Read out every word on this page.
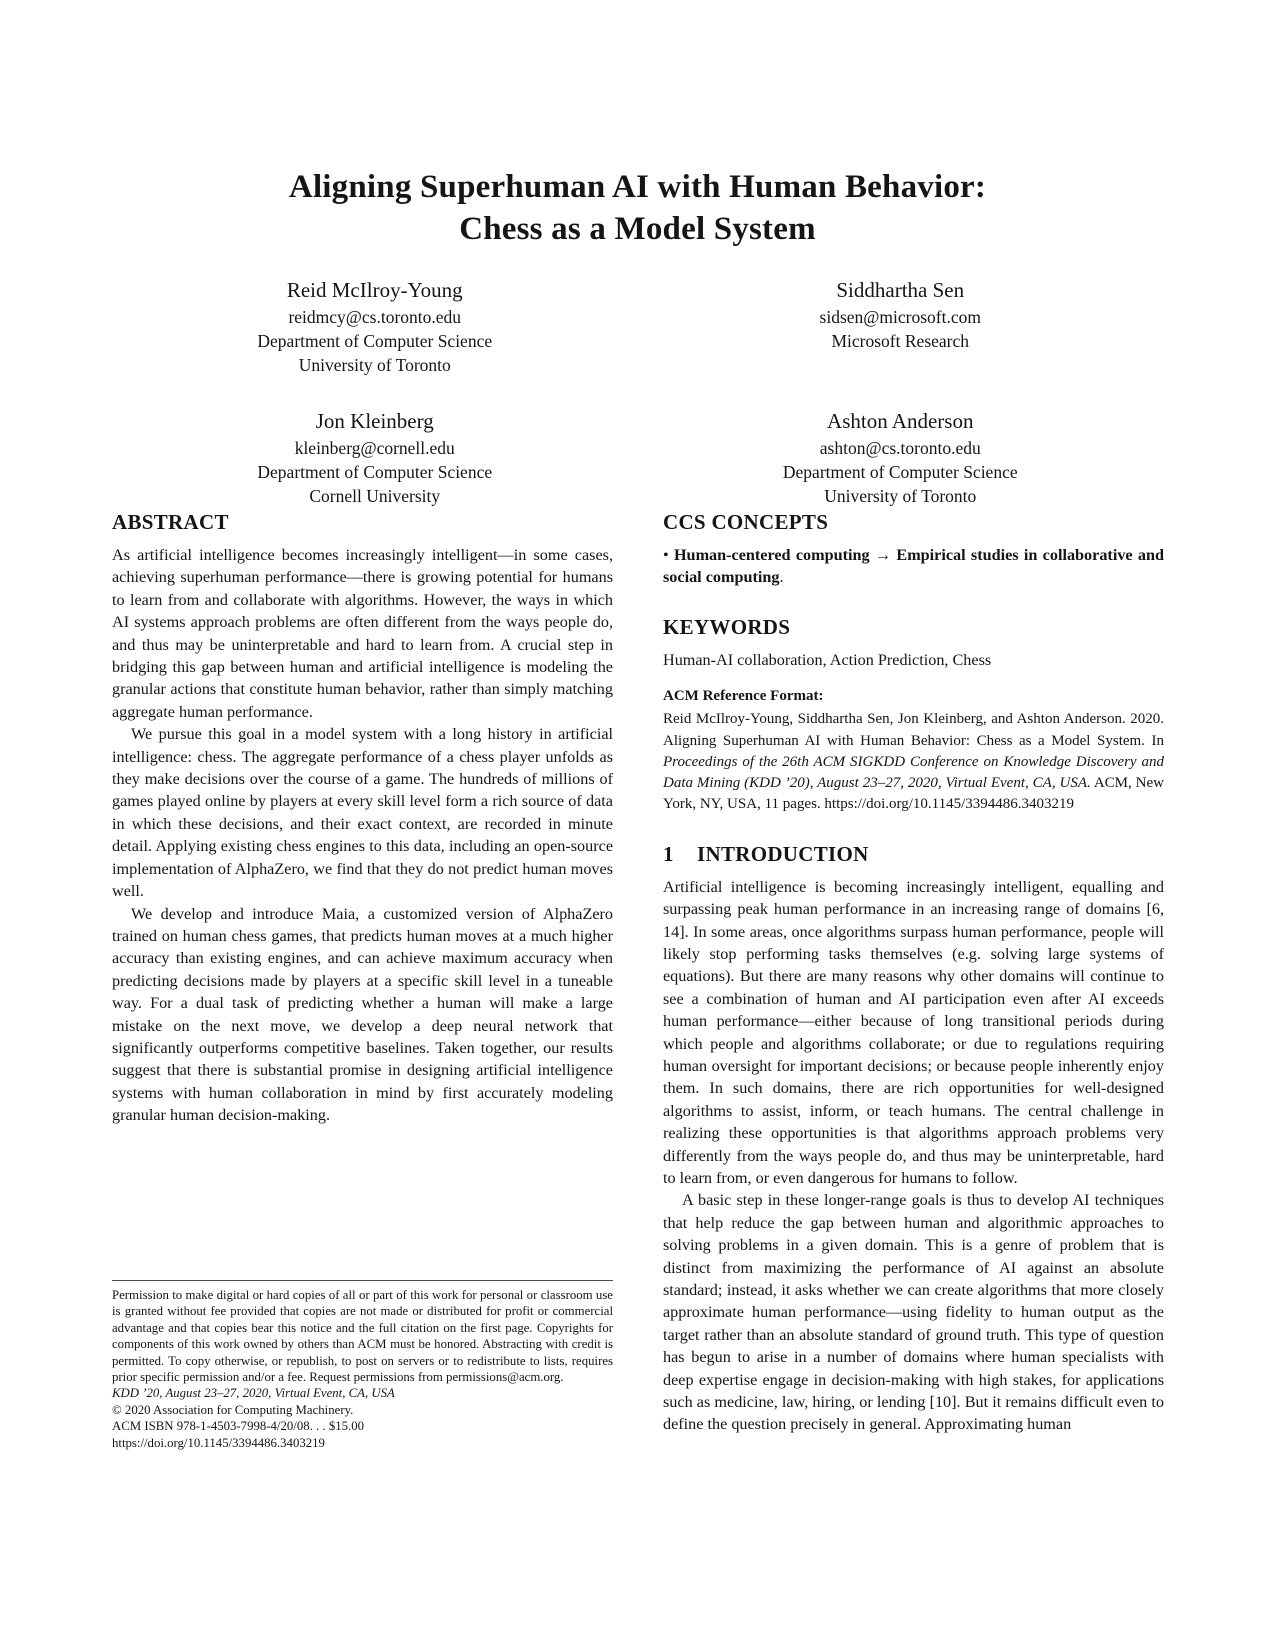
Aligning Superhuman AI with Human Behavior:
Chess as a Model System
Reid McIlroy-Young
reidmcy@cs.toronto.edu
Department of Computer Science
University of Toronto
Siddhartha Sen
sidsen@microsoft.com
Microsoft Research
Jon Kleinberg
kleinberg@cornell.edu
Department of Computer Science
Cornell University
Ashton Anderson
ashton@cs.toronto.edu
Department of Computer Science
University of Toronto
ABSTRACT

As artificial intelligence becomes increasingly intelligent—in some cases, achieving superhuman performance—there is growing potential for humans to learn from and collaborate with algorithms. However, the ways in which AI systems approach problems are often different from the ways people do, and thus may be uninterpretable and hard to learn from. A crucial step in bridging this gap between human and artificial intelligence is modeling the granular actions that constitute human behavior, rather than simply matching aggregate human performance.

We pursue this goal in a model system with a long history in artificial intelligence: chess. The aggregate performance of a chess player unfolds as they make decisions over the course of a game. The hundreds of millions of games played online by players at every skill level form a rich source of data in which these decisions, and their exact context, are recorded in minute detail. Applying existing chess engines to this data, including an open-source implementation of AlphaZero, we find that they do not predict human moves well.

We develop and introduce Maia, a customized version of AlphaZero trained on human chess games, that predicts human moves at a much higher accuracy than existing engines, and can achieve maximum accuracy when predicting decisions made by players at a specific skill level in a tuneable way. For a dual task of predicting whether a human will make a large mistake on the next move, we develop a deep neural network that significantly outperforms competitive baselines. Taken together, our results suggest that there is substantial promise in designing artificial intelligence systems with human collaboration in mind by first accurately modeling granular human decision-making.

CCS CONCEPTS

• Human-centered computing → Empirical studies in collaborative and social computing.

KEYWORDS

Human-AI collaboration, Action Prediction, Chess

ACM Reference Format:

Reid McIlroy-Young, Siddhartha Sen, Jon Kleinberg, and Ashton Anderson. 2020. Aligning Superhuman AI with Human Behavior: Chess as a Model System. In Proceedings of the 26th ACM SIGKDD Conference on Knowledge Discovery and Data Mining (KDD ’20), August 23–27, 2020, Virtual Event, CA, USA. ACM, New York, NY, USA, 11 pages. https://doi.org/10.1145/3394486.3403219

1 INTRODUCTION

Artificial intelligence is becoming increasingly intelligent, equalling and surpassing peak human performance in an increasing range of domains [6, 14]. In some areas, once algorithms surpass human performance, people will likely stop performing tasks themselves (e.g. solving large systems of equations). But there are many reasons why other domains will continue to see a combination of human and AI participation even after AI exceeds human performance—either because of long transitional periods during which people and algorithms collaborate; or due to regulations requiring human oversight for important decisions; or because people inherently enjoy them. In such domains, there are rich opportunities for well-designed algorithms to assist, inform, or teach humans. The central challenge in realizing these opportunities is that algorithms approach problems very differently from the ways people do, and thus may be uninterpretable, hard to learn from, or even dangerous for humans to follow.

A basic step in these longer-range goals is thus to develop AI techniques that help reduce the gap between human and algorithmic approaches to solving problems in a given domain. This is a genre of problem that is distinct from maximizing the performance of AI against an absolute standard; instead, it asks whether we can create algorithms that more closely approximate human performance—using fidelity to human output as the target rather than an absolute standard of ground truth. This type of question has begun to arise in a number of domains where human specialists with deep expertise engage in decision-making with high stakes, for applications such as medicine, law, hiring, or lending [10]. But it remains difficult even to define the question precisely in general. Approximating human

Permission to make digital or hard copies of all or part of this work for personal or classroom use is granted without fee provided that copies are not made or distributed for profit or commercial advantage and that copies bear this notice and the full citation on the first page. Copyrights for components of this work owned by others than ACM must be honored. Abstracting with credit is permitted. To copy otherwise, or republish, to post on servers or to redistribute to lists, requires prior specific permission and/or a fee. Request permissions from permissions@acm.org.

KDD ’20, August 23–27, 2020, Virtual Event, CA, USA

© 2020 Association for Computing Machinery.

ACM ISBN 978-1-4503-7998-4/20/08. . . $15.00

https://doi.org/10.1145/3394486.3403219
